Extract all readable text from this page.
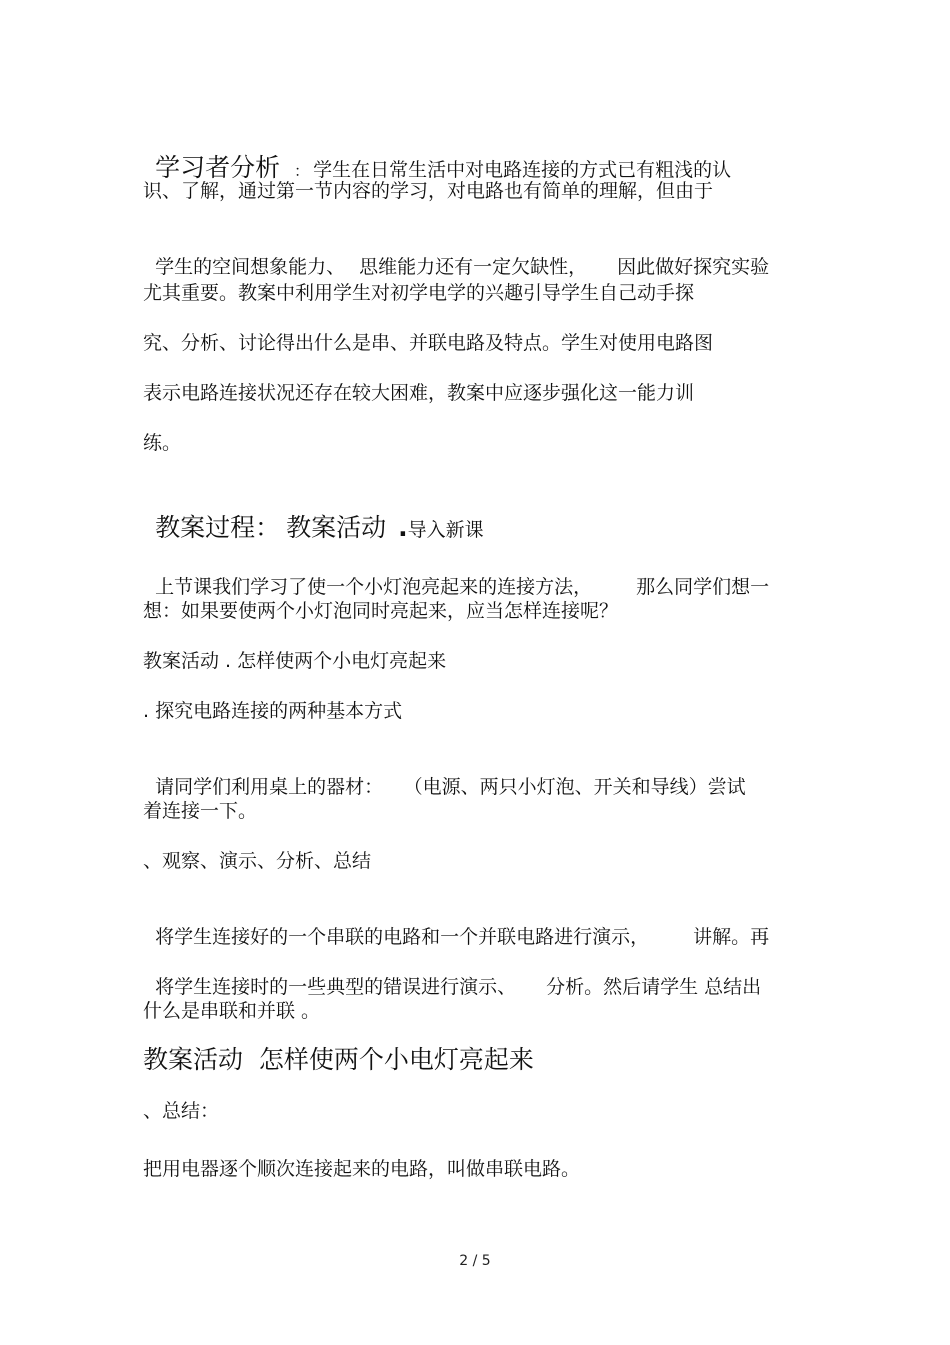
学习者分析 ： 学生在日常生活中对电路连接的方式已有粗浅的认

识、了解，通过第一节内容的学习，对电路也有简单的理解，但由于

学生的空间想象能力、 思维能力还有一定欠缺性， 因此做好探究实验

尤其重要。教案中利用学生对初学电学的兴趣引导学生自己动手探
究、分析、讨论得出什么是串、并联电路及特点。学生对使用电路图
表示电路连接状况还存在较大困难，教案中应逐步强化这一能力训
练。

教案过程： 教案活动 .导入新课

上节课我们学习了使一个小灯泡亮起来的连接方法， 那么同学们想一

想：如果要使两个小灯泡同时亮起来，应当怎样连接呢？
教案活动 . 怎样使两个小电灯亮起来
. 探究电路连接的两种基本方式

请同学们利用桌上的器材： （电源、两只小灯泡、开关和导线）尝试

着连接一下。
、观察、演示、分析、总结

将学生连接好的一个串联的电路和一个并联电路进行演示， 讲解。再

将学生连接时的一些典型的错误进行演示、 分析。然后请学生 总结出

什么是串联和并联 。
教案活动  怎样使两个小电灯亮起来
、总结：
把用电器逐个顺次连接起来的电路，叫做串联电路。
2 / 5
